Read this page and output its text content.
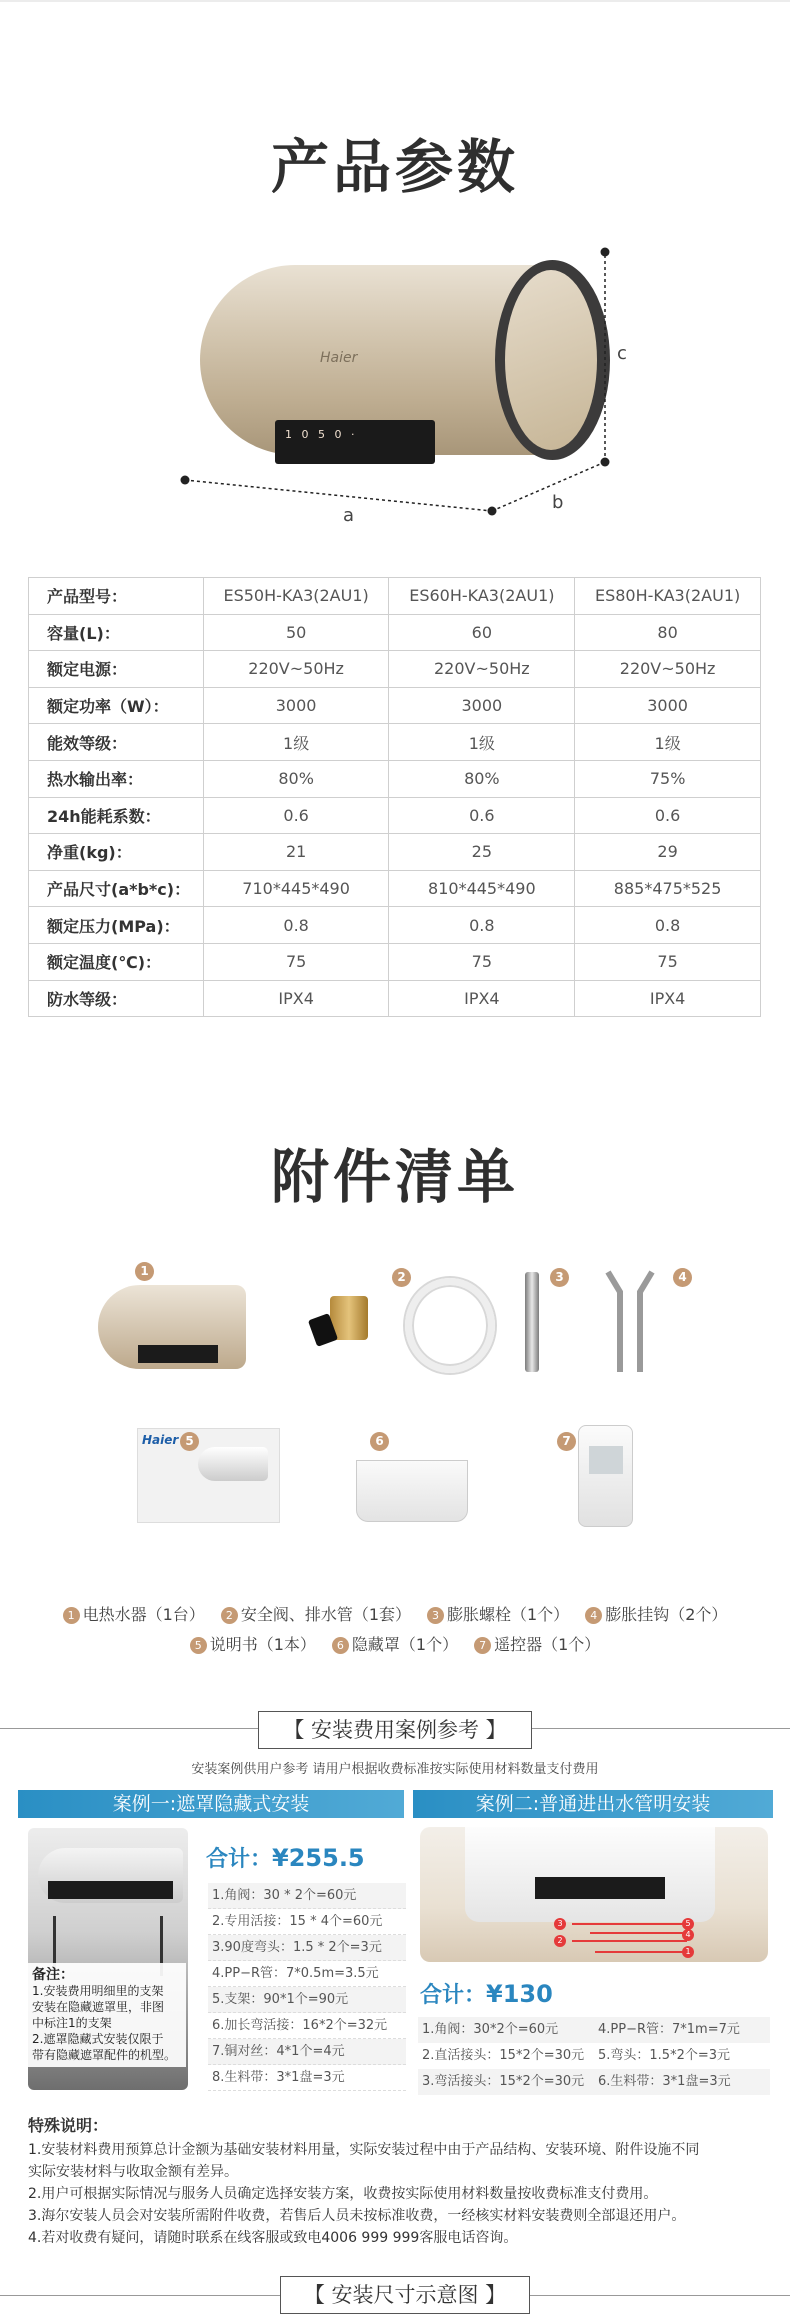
产品参数
Haier
1 0 5 0 ·
a
b
c
产品型号：	ES50H-KA3(2AU1)	ES60H-KA3(2AU1)	ES80H-KA3(2AU1)
容量(L)：	50	60	80
额定电源：	220V~50Hz	220V~50Hz	220V~50Hz
额定功率（W）：	3000	3000	3000
能效等级：	1级	1级	1级
热水输出率：	80%	80%	75%
24h能耗系数：	0.6	0.6	0.6
净重(kg)：	21	25	29
产品尺寸(a*b*c)：	710*445*490	810*445*490	885*475*525
额定压力(MPa)：	0.8	0.8	0.8
额定温度(℃)：	75	75	75
防水等级：	IPX4	IPX4	IPX4
附件清单
1	2	3	4
Haier 5	6	7
1 电热水器（1台） 2 安全阀、排水管（1套） 3 膨胀螺栓（1个） 4 膨胀挂钩（2个）
5 说明书（1本） 6 隐藏罩（1个） 7 遥控器（1个）
【 安装费用案例参考 】
安装案例供用户参考 请用户根据收费标准按实际使用材料数量支付费用
案例一:遮罩隐藏式安装	案例二:普通进出水管明安装
备注：
1.安装费用明细里的支架
安装在隐藏遮罩里，非图
中标注1的支架
2.遮罩隐藏式安装仅限于
带有隐藏遮罩配件的机型。
合计：¥255.5
1.角阀：30 * 2个=60元
2.专用活接：15 * 4个=60元
3.90度弯头：1.5 * 2个=3元
4.PP−R管：7*0.5m=3.5元
5.支架：90*1个=90元
6.加长弯活接：16*2个=32元
7.铜对丝：4*1个=4元
8.生料带：3*1盘=3元
3	5
4
2
1
合计：¥130
1.角阀：30*2个=60元	4.PP−R管：7*1m=7元
2.直活接头：15*2个=30元	5.弯头：1.5*2个=3元
3.弯活接头：15*2个=30元	6.生料带：3*1盘=3元
特殊说明：
1.安装材料费用预算总计金额为基础安装材料用量，实际安装过程中由于产品结构、安装环境、附件设施不同
实际安装材料与收取金额有差异。
2.用户可根据实际情况与服务人员确定选择安装方案，收费按实际使用材料数量按收费标准支付费用。
3.海尔安装人员会对安装所需附件收费，若售后人员未按标准收费，一经核实材料安装费则全部退还用户。
4.若对收费有疑问，请随时联系在线客服或致电4006 999 999客服电话咨询。
【 安装尺寸示意图 】
